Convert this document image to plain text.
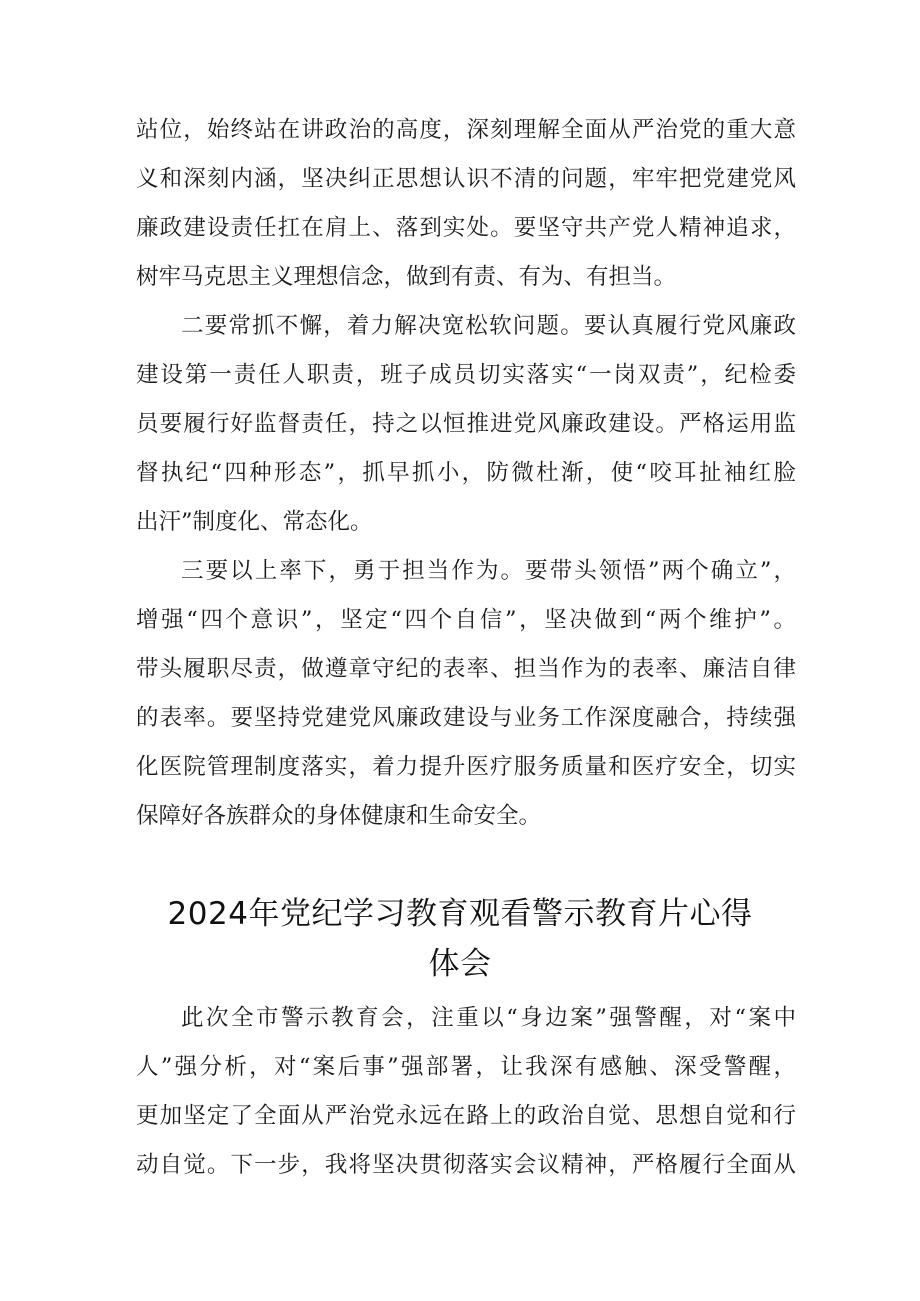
站位，始终站在讲政治的高度，深刻理解全面从严治党的重大意
义和深刻内涵，坚决纠正思想认识不清的问题，牢牢把党建党风
廉政建设责任扛在肩上、落到实处。要坚守共产党人精神追求，
树牢马克思主义理想信念，做到有责、有为、有担当。
二要常抓不懈，着力解决宽松软问题。要认真履行党风廉政
建设第一责任人职责，班子成员切实落实“一岗双责”，纪检委
员要履行好监督责任，持之以恒推进党风廉政建设。严格运用监
督执纪“四种形态”，抓早抓小，防微杜渐，使“咬耳扯袖红脸
出汗”制度化、常态化。
三要以上率下，勇于担当作为。要带头领悟”两个确立”，
增强“四个意识”，坚定“四个自信”，坚决做到“两个维护”。
带头履职尽责，做遵章守纪的表率、担当作为的表率、廉洁自律
的表率。要坚持党建党风廉政建设与业务工作深度融合，持续强
化医院管理制度落实，着力提升医疗服务质量和医疗安全，切实
保障好各族群众的身体健康和生命安全。
2024年党纪学习教育观看警示教育片心得
体会
此次全市警示教育会，注重以“身边案”强警醒，对“案中
人”强分析，对“案后事”强部署，让我深有感触、深受警醒，
更加坚定了全面从严治党永远在路上的政治自觉、思想自觉和行
动自觉。下一步，我将坚决贯彻落实会议精神，严格履行全面从
